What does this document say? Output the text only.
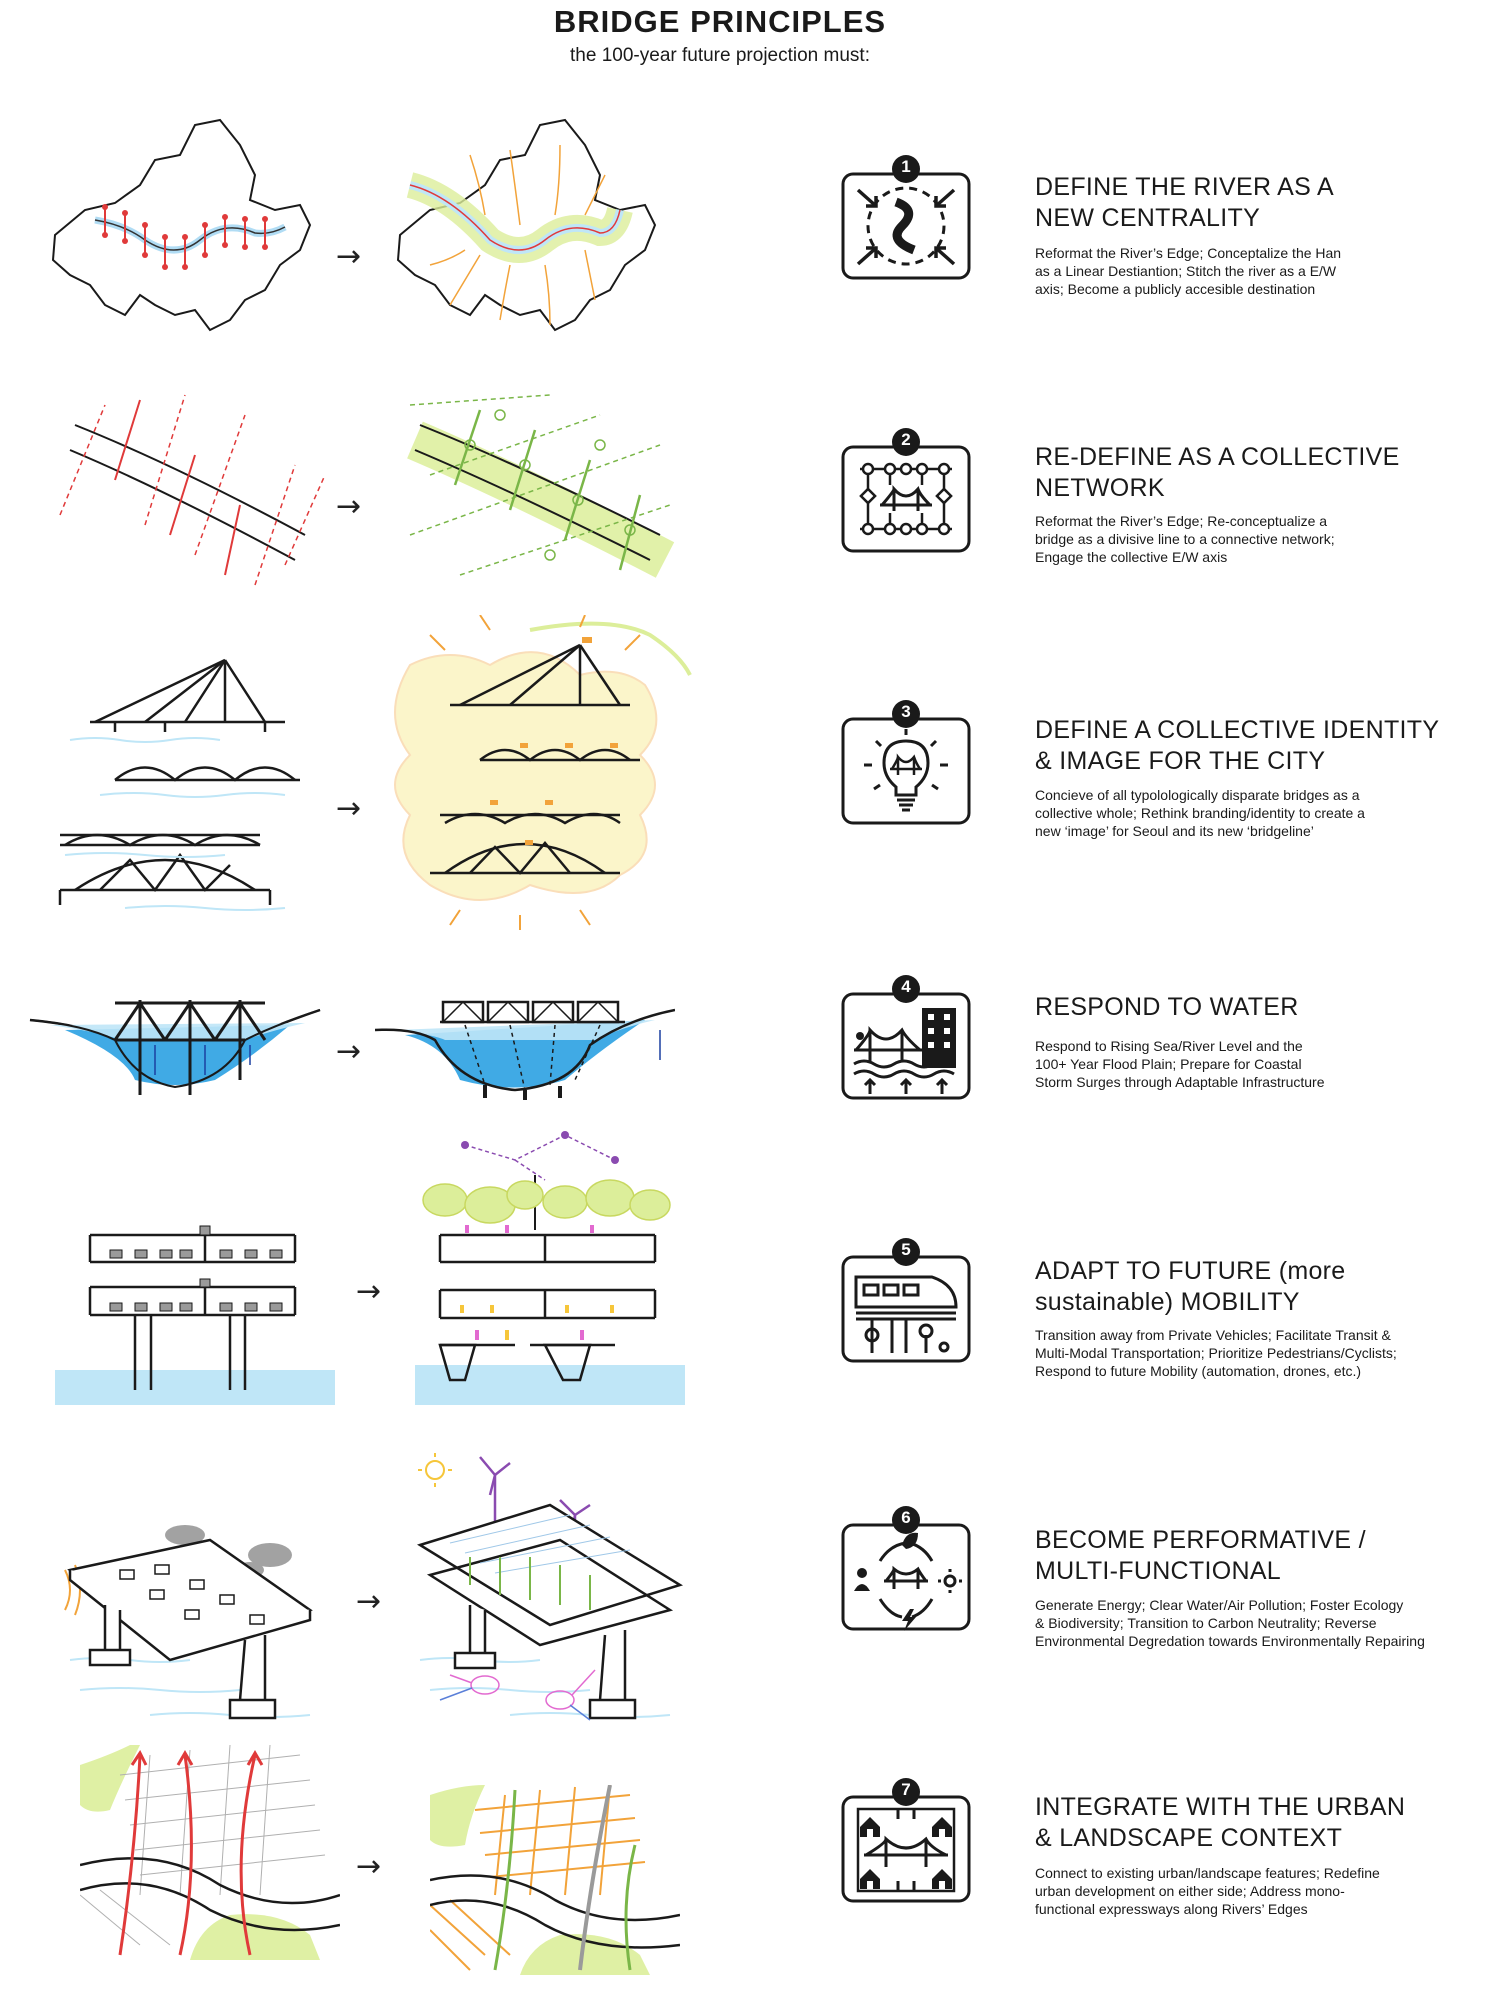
BRIDGE PRINCIPLES
the 100-year future projection must:
→
1
DEFINE THE RIVER AS A
NEW CENTRALITY
Reformat the River’s Edge; Conceptalize the Han
as a Linear Destiantion; Stitch the river as a E/W
axis; Become a publicly accesible destination
→
2
RE-DEFINE AS A COLLECTIVE
NETWORK
Reformat the River’s Edge; Re-conceptualize a
bridge as a divisive line to a connective network;
Engage the collective E/W axis
→
3
DEFINE A COLLECTIVE IDENTITY
& IMAGE FOR THE CITY
Concieve of all typolologically disparate bridges as a
collective whole; Rethink branding/identity to create a
new ‘image’ for Seoul and its new ‘bridgeline’
→
4
RESPOND TO WATER
Respond to Rising Sea/River Level and the
100+ Year Flood Plain; Prepare for Coastal
Storm Surges through Adaptable Infrastructure
→
5
ADAPT TO FUTURE (more
sustainable) MOBILITY
Transition away from Private Vehicles; Facilitate Transit &
Multi-Modal Transportation; Prioritize Pedestrians/Cyclists;
Respond to future Mobility (automation, drones, etc.)
→
6
BECOME PERFORMATIVE /
MULTI-FUNCTIONAL
Generate Energy; Clear Water/Air Pollution; Foster Ecology
& Biodiversity; Transition to Carbon Neutrality; Reverse
Environmental Degredation towards Environmentally Repairing
→
7
INTEGRATE WITH THE URBAN
& LANDSCAPE CONTEXT
Connect to existing urban/landscape features; Redefine
urban development on either side; Address mono-
functional expressways along Rivers’ Edges
